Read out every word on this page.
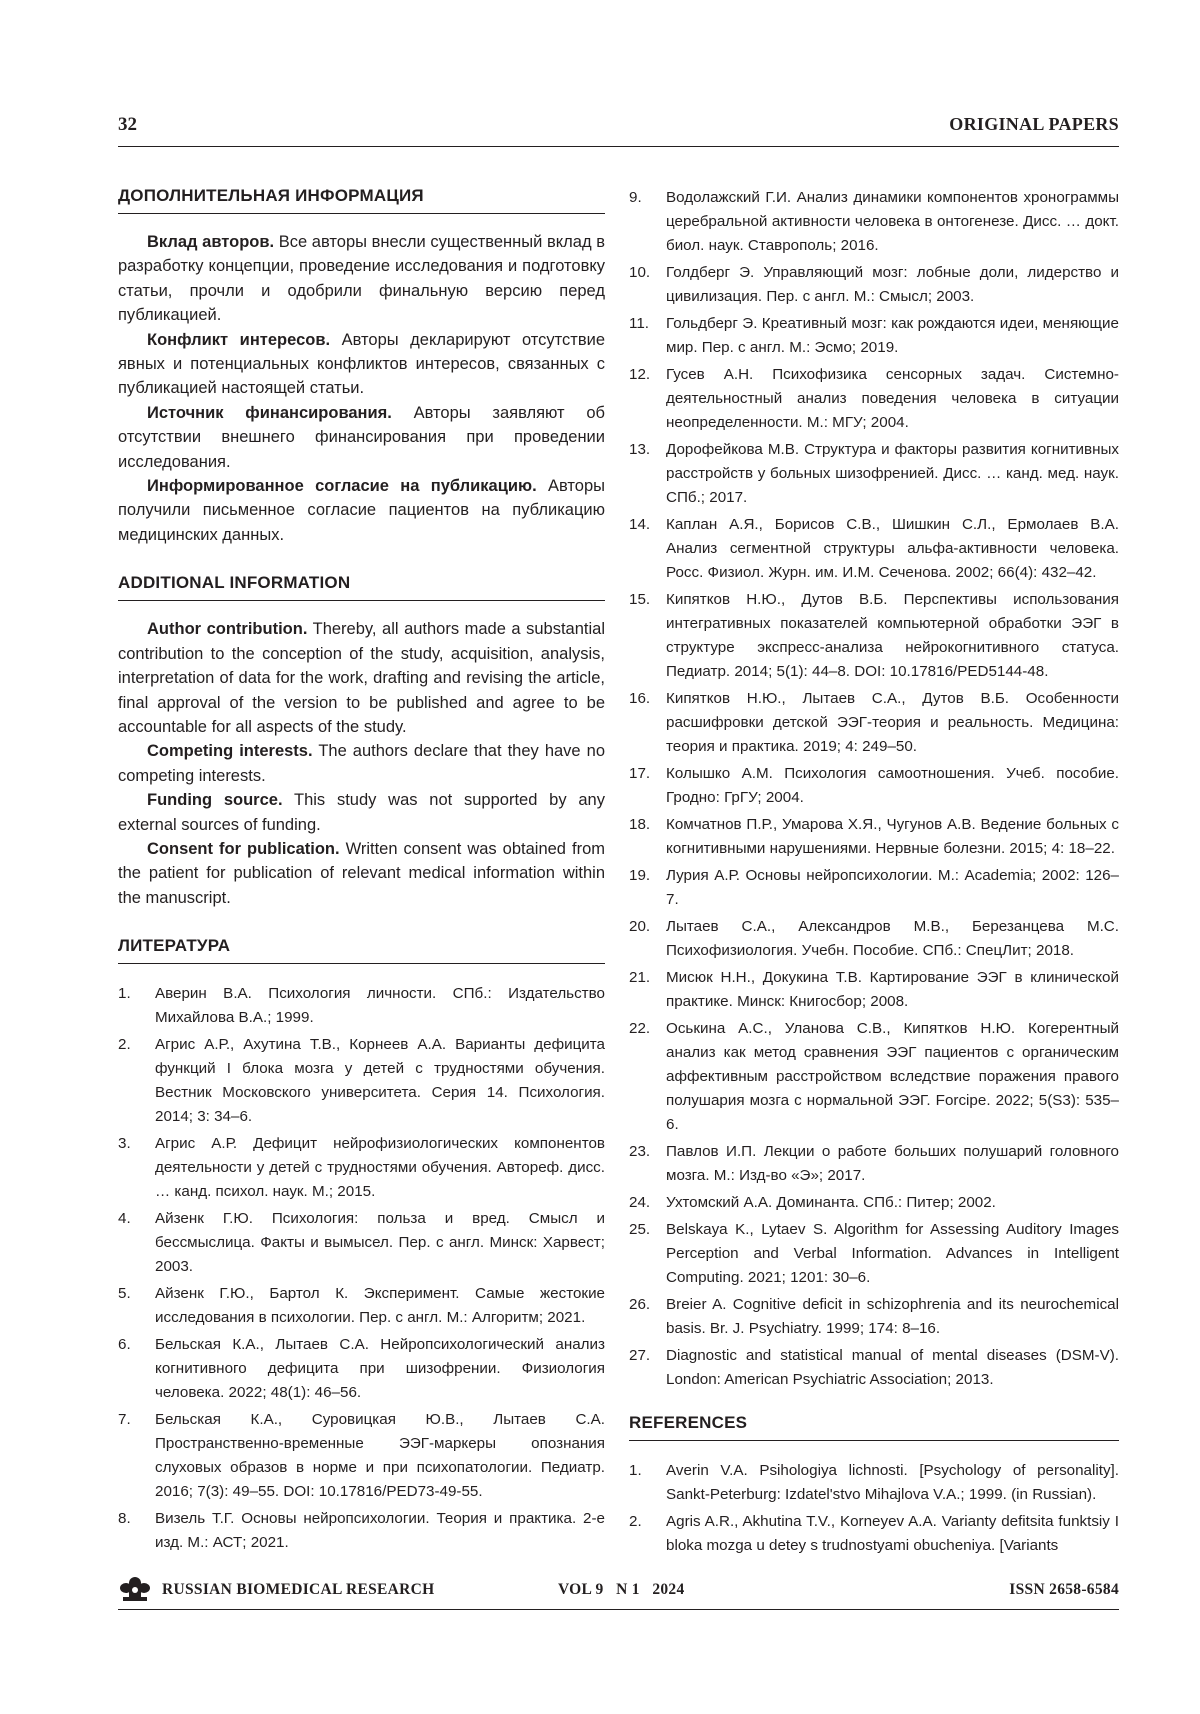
32	ORIGINAL PAPERS
ДОПОЛНИТЕЛЬНАЯ ИНФОРМАЦИЯ

Вклад авторов. Все авторы внесли существенный вклад в разработку концепции, проведение исследования и подготовку статьи, прочли и одобрили финальную версию перед публикацией.

Конфликт интересов. Авторы декларируют отсутствие явных и потенциальных конфликтов интересов, связанных с публикацией настоящей статьи.

Источник финансирования. Авторы заявляют об отсутствии внешнего финансирования при проведении исследования.

Информированное согласие на публикацию. Авторы получили письменное согласие пациентов на публикацию медицинских данных.

ADDITIONAL INFORMATION

Author contribution. Thereby, all authors made a substantial contribution to the conception of the study, acquisition, analysis, interpretation of data for the work, drafting and revising the article, final approval of the version to be published and agree to be accountable for all aspects of the study.

Competing interests. The authors declare that they have no competing interests.

Funding source. This study was not supported by any external sources of funding.

Consent for publication. Written consent was obtained from the patient for publication of relevant medical information within the manuscript.

ЛИТЕРАТУРА
1. Аверин В.А. Психология личности. СПб.: Издательство Михайлова В.А.; 1999.
2. Агрис А.Р., Ахутина Т.В., Корнеев А.А. Варианты дефицита функций I блока мозга у детей с трудностями обучения. Вестник Московского университета. Серия 14. Психология. 2014; 3: 34–6.
3. Агрис А.Р. Дефицит нейрофизиологических компонентов деятельности у детей с трудностями обучения. Автореф. дисс. … канд. психол. наук. М.; 2015.
4. Айзенк Г.Ю. Психология: польза и вред. Смысл и бессмыслица. Факты и вымысел. Пер. с англ. Минск: Харвест; 2003.
5. Айзенк Г.Ю., Бартол К. Эксперимент. Самые жестокие исследования в психологии. Пер. с англ. М.: Алгоритм; 2021.
6. Бельская К.А., Лытаев С.А. Нейропсихологический анализ когнитивного дефицита при шизофрении. Физиология человека. 2022; 48(1): 46–56.
7. Бельская К.А., Суровицкая Ю.В., Лытаев С.А. Пространственно-временные ЭЭГ-маркеры опознания слуховых образов в норме и при психопатологии. Педиатр. 2016; 7(3): 49–55. DOI: 10.17816/PED73-49-55.
8. Визель Т.Г. Основы нейропсихологии. Теория и практика. 2-е изд. М.: АСТ; 2021.
9. Водолажский Г.И. Анализ динамики компонентов хронограммы церебральной активности человека в онтогенезе. Дисс. … докт. биол. наук. Ставрополь; 2016.
10. Голдберг Э. Управляющий мозг: лобные доли, лидерство и цивилизация. Пер. с англ. М.: Смысл; 2003.
11. Гольдберг Э. Креативный мозг: как рождаются идеи, меняющие мир. Пер. с англ. М.: Эсмо; 2019.
12. Гусев А.Н. Психофизика сенсорных задач. Системно-деятельностный анализ поведения человека в ситуации неопределенности. М.: МГУ; 2004.
13. Дорофейкова М.В. Структура и факторы развития когнитивных расстройств у больных шизофренией. Дисс. … канд. мед. наук. СПб.; 2017.
14. Каплан А.Я., Борисов С.В., Шишкин С.Л., Ермолаев В.А. Анализ сегментной структуры альфа-активности человека. Росс. Физиол. Журн. им. И.М. Сеченова. 2002; 66(4): 432–42.
15. Кипятков Н.Ю., Дутов В.Б. Перспективы использования интегративных показателей компьютерной обработки ЭЭГ в структуре экспресс-анализа нейрокогнитивного статуса. Педиатр. 2014; 5(1): 44–8. DOI: 10.17816/PED5144-48.
16. Кипятков Н.Ю., Лытаев С.А., Дутов В.Б. Особенности расшифровки детской ЭЭГ-теория и реальность. Медицина: теория и практика. 2019; 4: 249–50.
17. Колышко А.М. Психология самоотношения. Учеб. пособие. Гродно: ГрГУ; 2004.
18. Комчатнов П.Р., Умарова Х.Я., Чугунов А.В. Ведение больных с когнитивными нарушениями. Нервные болезни. 2015; 4: 18–22.
19. Лурия А.Р. Основы нейропсихологии. М.: Academia; 2002: 126–7.
20. Лытаев С.А., Александров М.В., Березанцева М.С. Психофизиология. Учебн. Пособие. СПб.: СпецЛит; 2018.
21. Мисюк Н.Н., Докукина Т.В. Картирование ЭЭГ в клинической практике. Минск: Книгосбор; 2008.
22. Оськина А.С., Уланова С.В., Кипятков Н.Ю. Когерентный анализ как метод сравнения ЭЭГ пациентов с органическим аффективным расстройством вследствие поражения правого полушария мозга с нормальной ЭЭГ. Forcipe. 2022; 5(S3): 535–6.
23. Павлов И.П. Лекции о работе больших полушарий головного мозга. М.: Изд-во «Э»; 2017.
24. Ухтомский А.А. Доминанта. СПб.: Питер; 2002.
25. Belskaya K., Lytaev S. Algorithm for Assessing Auditory Images Perception and Verbal Information. Advances in Intelligent Computing. 2021; 1201: 30–6.
26. Breier A. Cognitive deficit in schizophrenia and its neurochemical basis. Br. J. Psychiatry. 1999; 174: 8–16.
27. Diagnostic and statistical manual of mental diseases (DSM-V). London: American Psychiatric Association; 2013.
REFERENCES
1. Averin V.A. Psihologiya lichnosti. [Psychology of personality]. Sankt-Peterburg: Izdatel'stvo Mihajlova V.A.; 1999. (in Russian).
2. Agris A.R., Akhutina T.V., Korneyev A.A. Varianty defitsita funktsiy I bloka mozga u detey s trudnostyami obucheniya. [Variants
RUSSIAN BIOMEDICAL RESEARCH	VOL 9   N 1   2024	ISSN 2658-6584
